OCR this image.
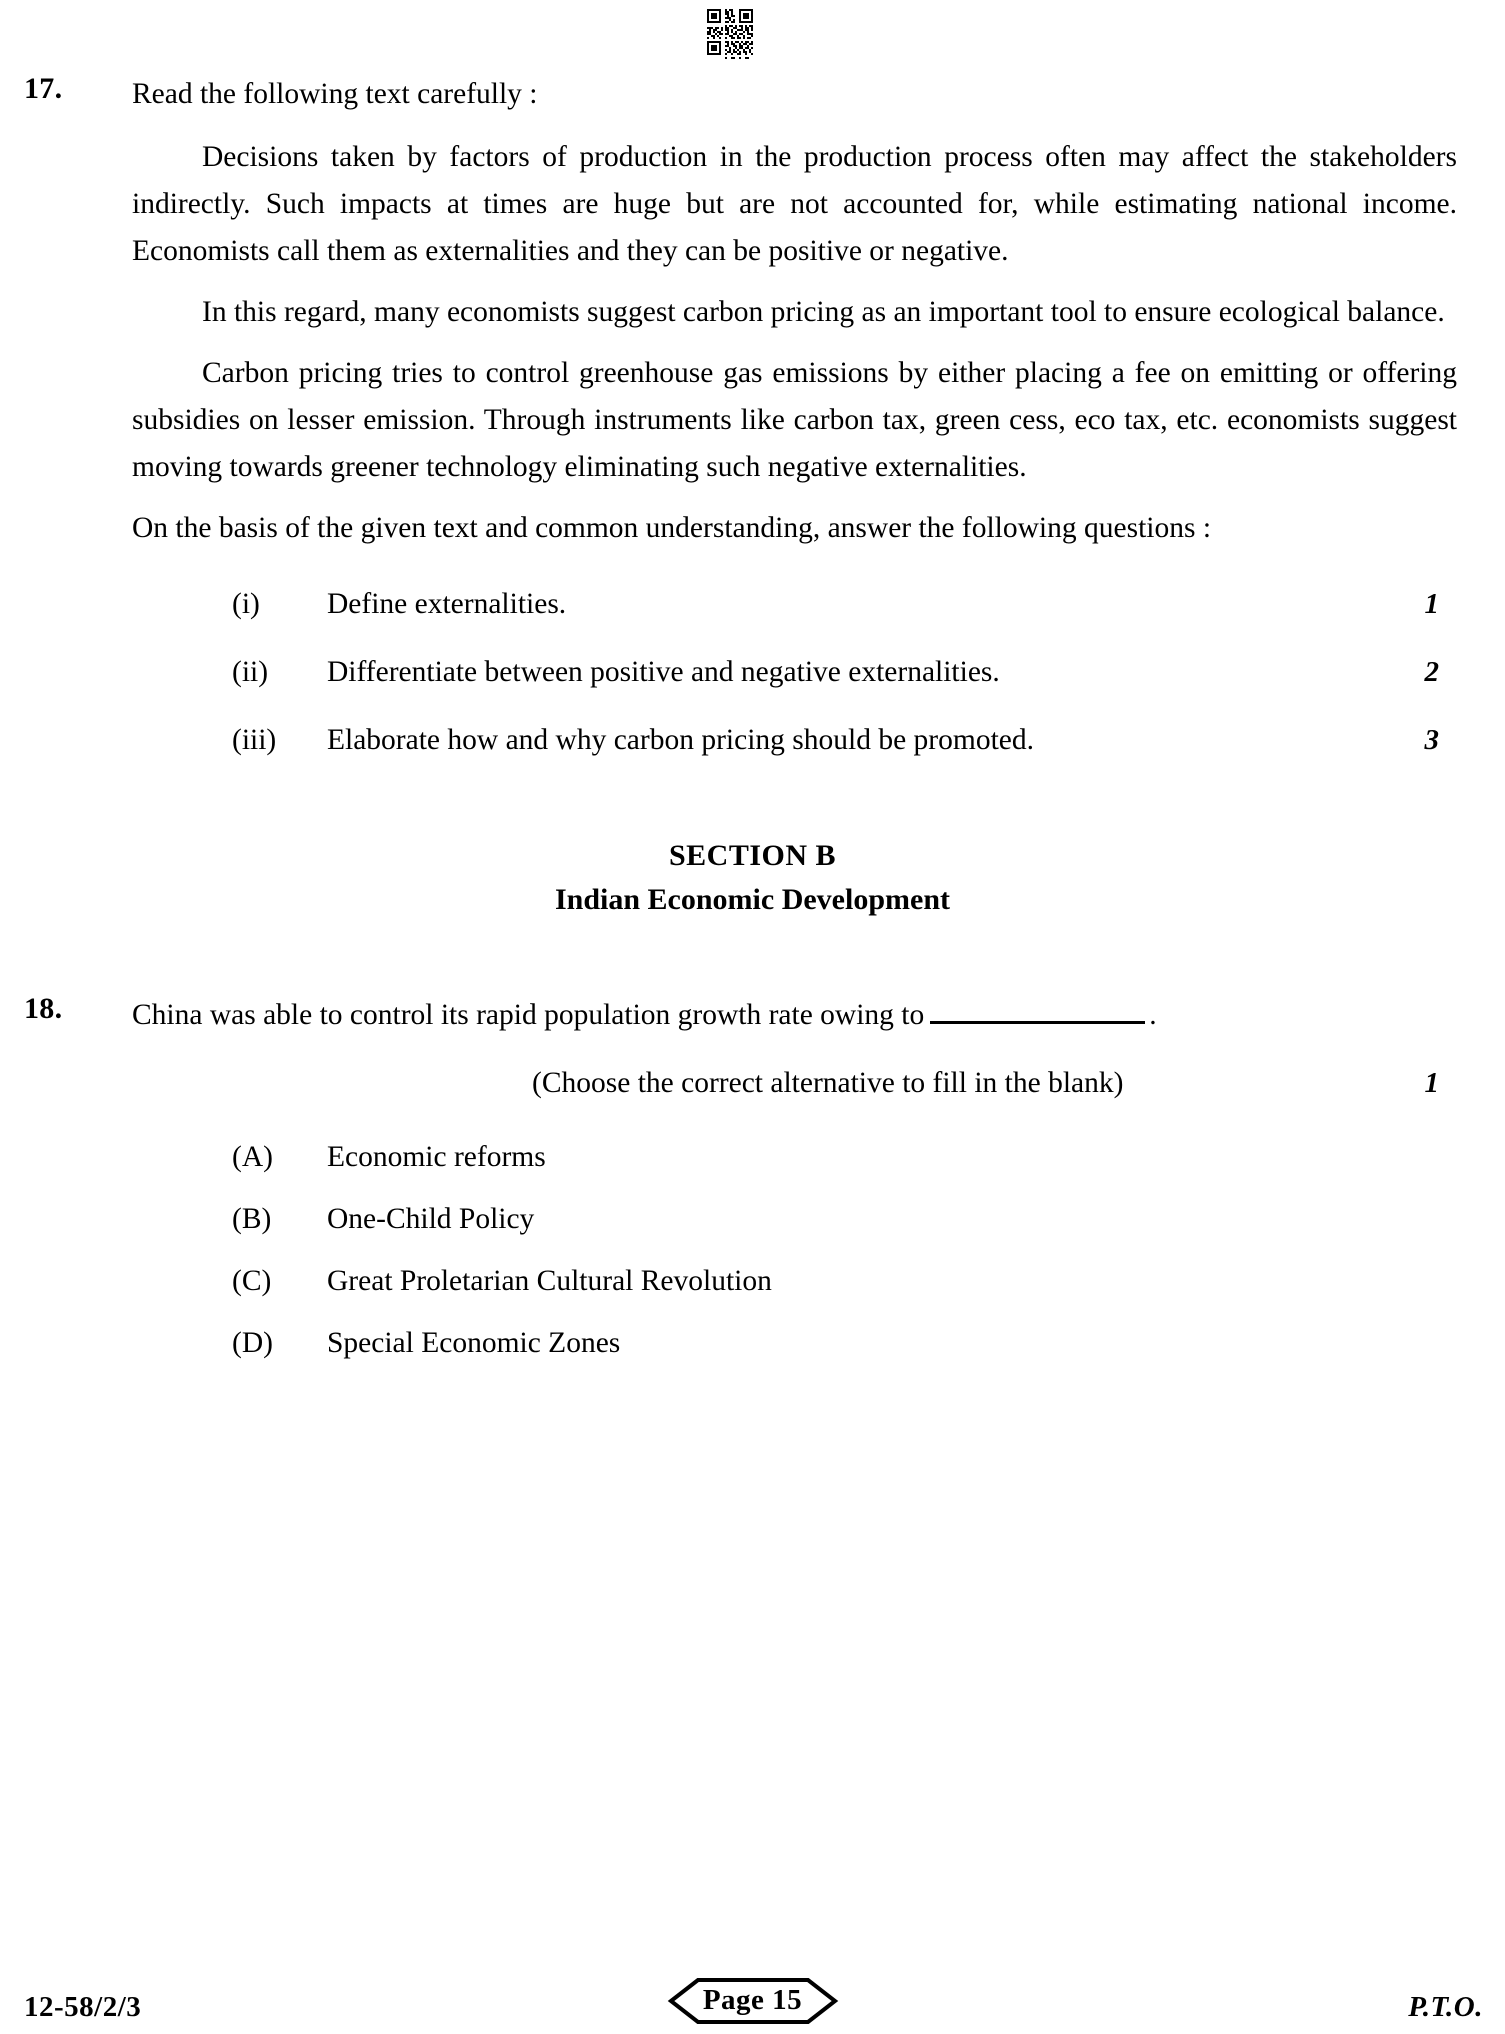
17. Read the following text carefully :

Decisions taken by factors of production in the production process often may affect the stakeholders indirectly. Such impacts at times are huge but are not accounted for, while estimating national income. Economists call them as externalities and they can be positive or negative.

In this regard, many economists suggest carbon pricing as an important tool to ensure ecological balance.

Carbon pricing tries to control greenhouse gas emissions by either placing a fee on emitting or offering subsidies on lesser emission. Through instruments like carbon tax, green cess, eco tax, etc. economists suggest moving towards greener technology eliminating such negative externalities.

On the basis of the given text and common understanding, answer the following questions :

(i) Define externalities.	1
(ii) Differentiate between positive and negative externalities.	2
(iii) Elaborate how and why carbon pricing should be promoted.	3
SECTION B
Indian Economic Development
18. China was able to control its rapid population growth rate owing to	.

(Choose the correct alternative to fill in the blank)	1
(A) Economic reforms
(B) One-Child Policy
(C) Great Proletarian Cultural Revolution
(D) Special Economic Zones
12-58/2/3	Page 15	P.T.O.
